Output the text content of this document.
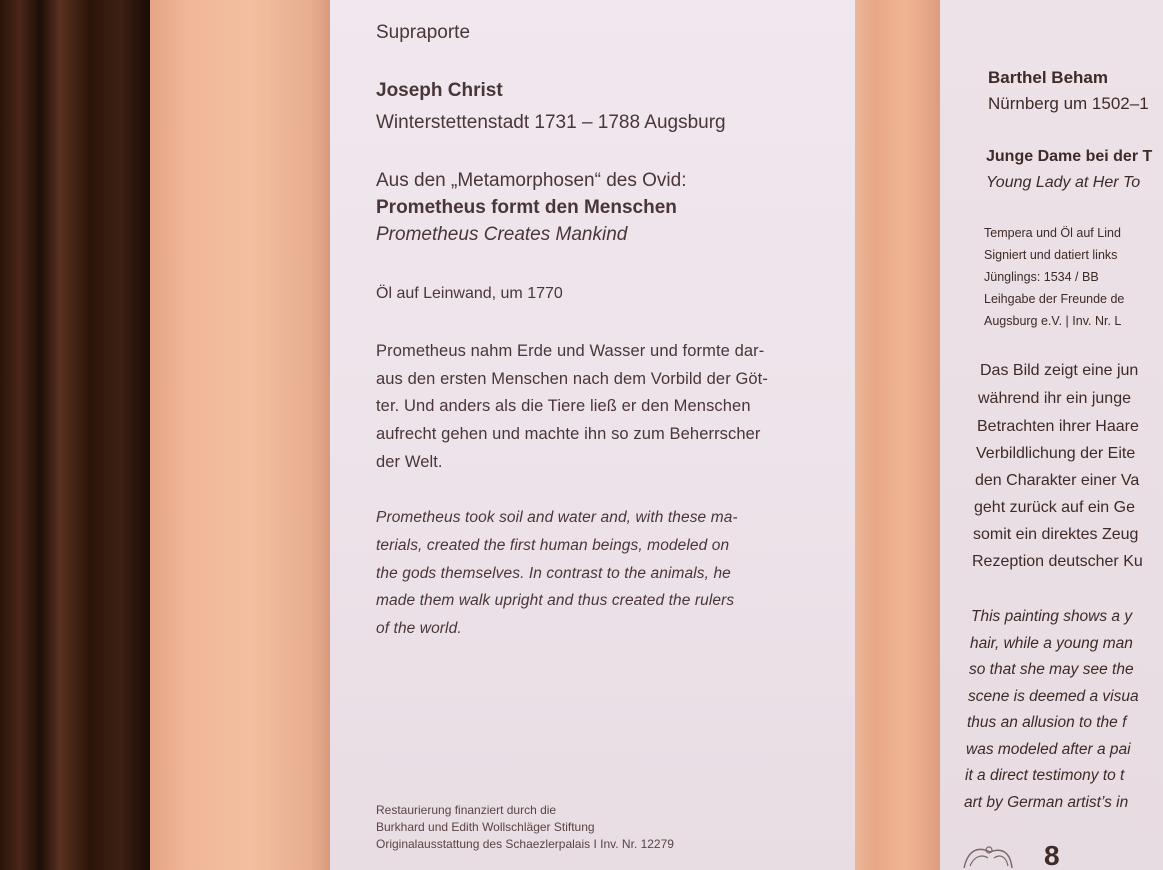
Supraporte
Joseph Christ
Winterstettenstadt 1731 – 1788 Augsburg
Aus den „Metamorphosen“ des Ovid:
Prometheus formt den Menschen
Prometheus Creates Mankind
Öl auf Leinwand, um 1770
Prometheus nahm Erde und Wasser und formte dar-
aus den ersten Menschen nach dem Vorbild der Göt-
ter. Und anders als die Tiere ließ er den Menschen
aufrecht gehen und machte ihn so zum Beherrscher
der Welt.
Prometheus took soil and water and, with these ma-
terials, created the first human beings, modeled on
the gods themselves. In contrast to the animals, he
made them walk upright and thus created the rulers
of the world.
Restaurierung finanziert durch die
Burkhard und Edith Wollschläger Stiftung
Originalausstattung des Schaezlerpalais I Inv. Nr. 12279
Barthel Beham
Nürnberg um 1502–1
Junge Dame bei der T
Young Lady at Her To
Tempera und Öl auf Lind
Signiert und datiert links
Jünglings: 1534 / BB
Leihgabe der Freunde de
Augsburg e.V. | Inv. Nr. L
Das Bild zeigt eine jun
während ihr ein junge
Betrachten ihrer Haare
Verbildlichung der Eite
den Charakter einer Va
geht zurück auf ein Ge
somit ein direktes Zeug
Rezeption deutscher Ku
This painting shows a y
hair, while a young man
so that she may see the
scene is deemed a visua
thus an allusion to the f
was modeled after a pai
it a direct testimony to t
art by German artist’s in
8
